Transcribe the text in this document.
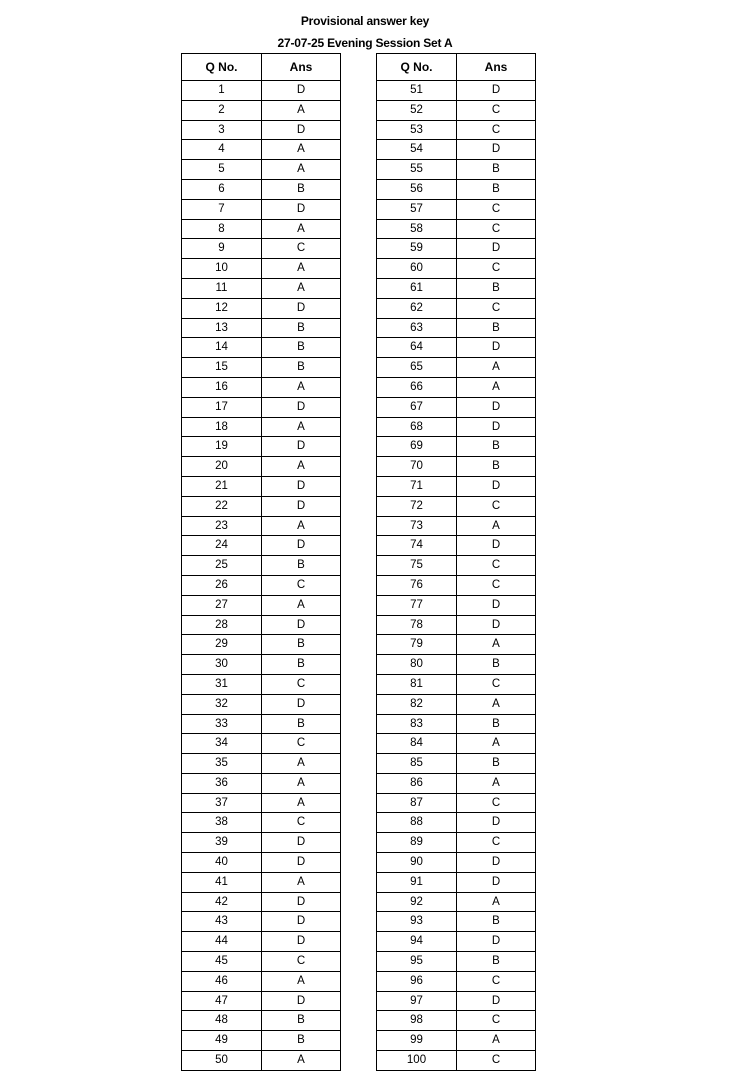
Provisional answer key
27-07-25 Evening Session Set A
Q No.	Ans
1	D
2	A
3	D
4	A
5	A
6	B
7	D
8	A
9	C
10	A
11	A
12	D
13	B
14	B
15	B
16	A
17	D
18	A
19	D
20	A
21	D
22	D
23	A
24	D
25	B
26	C
27	A
28	D
29	B
30	B
31	C
32	D
33	B
34	C
35	A
36	A
37	A
38	C
39	D
40	D
41	A
42	D
43	D
44	D
45	C
46	A
47	D
48	B
49	B
50	A
Q No.	Ans
51	D
52	C
53	C
54	D
55	B
56	B
57	C
58	C
59	D
60	C
61	B
62	C
63	B
64	D
65	A
66	A
67	D
68	D
69	B
70	B
71	D
72	C
73	A
74	D
75	C
76	C
77	D
78	D
79	A
80	B
81	C
82	A
83	B
84	A
85	B
86	A
87	C
88	D
89	C
90	D
91	D
92	A
93	B
94	D
95	B
96	C
97	D
98	C
99	A
100	C
